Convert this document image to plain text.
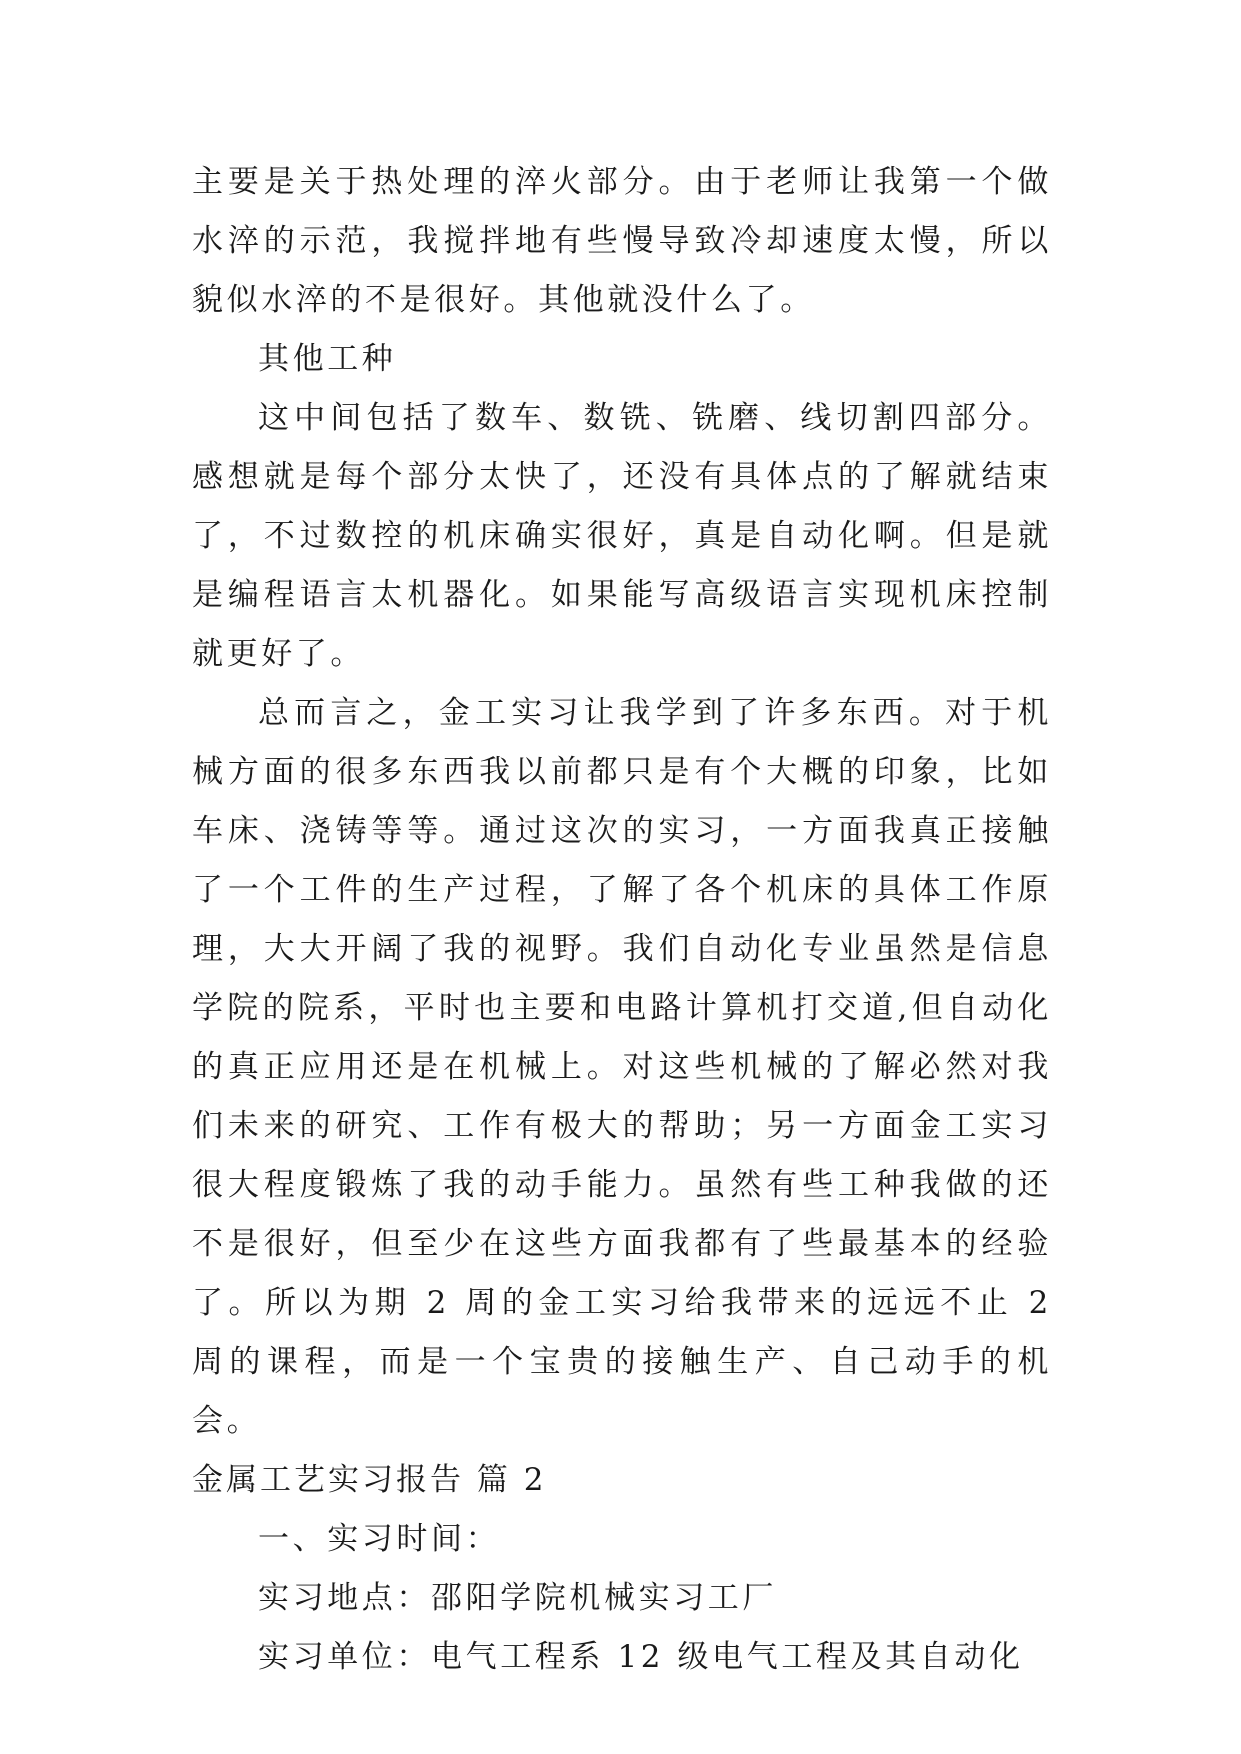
主要是关于热处理的淬火部分。由于老师让我第一个做水淬的示范，我搅拌地有些慢导致冷却速度太慢，所以貌似水淬的不是很好。其他就没什么了。

其他工种

这中间包括了数车、数铣、铣磨、线切割四部分。感想就是每个部分太快了，还没有具体点的了解就结束了，不过数控的机床确实很好，真是自动化啊。但是就是编程语言太机器化。如果能写高级语言实现机床控制就更好了。

总而言之，金工实习让我学到了许多东西。对于机械方面的很多东西我以前都只是有个大概的印象，比如车床、浇铸等等。通过这次的实习，一方面我真正接触了一个工件的生产过程，了解了各个机床的具体工作原理，大大开阔了我的视野。我们自动化专业虽然是信息学院的院系，平时也主要和电路计算机打交道,但自动化的真正应用还是在机械上。对这些机械的了解必然对我们未来的研究、工作有极大的帮助；另一方面金工实习很大程度锻炼了我的动手能力。虽然有些工种我做的还不是很好，但至少在这些方面我都有了些最基本的经验了。所以为期 2 周的金工实习给我带来的远远不止 2 周的课程，而是一个宝贵的接触生产、自己动手的机会。

金属工艺实习报告 篇 2

一、实习时间：

实习地点：邵阳学院机械实习工厂

实习单位：电气工程系 12 级电气工程及其自动化
